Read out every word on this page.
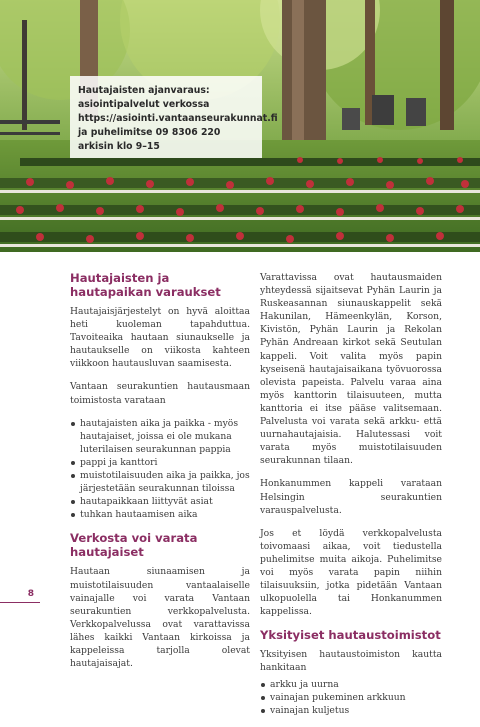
Hautajaisten ajanvaraus:
asiointipalvelut verkossa
https://asiointi.vantaanseurakunnat.fi
ja puhelimitse 09 8306 220
arkisin klo 9–15
Hautajaisten ja
hautapaikan varaukset

Hautajaisjärjestelyt on hyvä aloittaa heti kuoleman tapahduttua. Tavoiteaika hautaan siunaukselle ja hautaukselle on viikosta kahteen viikkoon hautausluvan saamisesta.

Vantaan seurakuntien hautausmaan toimistosta varataan

hautajaisten aika ja paikka - myös hautajaiset, joissa ei ole mukana luterilaisen seurakunnan pappia
pappi ja kanttori
muistotilaisuuden aika ja paikka, jos järjestetään seurakunnan tiloissa
hautapaikkaan liittyvät asiat
tuhkan hautaamisen aika
Verkosta voi varata hautajaiset

Hautaan siunaamisen ja muistotilaisuuden vantaalaiselle vainajalle voi varata Vantaan seurakuntien verkkopalvelusta. Verkkopalvelussa ovat varattavissa lähes kaikki Vantaan kirkoissa ja kappeleissa tarjolla olevat hautajaisajat.

Varattavissa ovat hautausmaiden yhteydessä sijaitsevat Pyhän Laurin ja Ruskeasannan siunauskappelit sekä Hakunilan, Hämeenkylän, Korson, Kivistön, Pyhän Laurin ja Rekolan Pyhän Andreaan kirkot sekä Seutulan kappeli. Voit valita myös papin kyseisenä hautajaisaikana työvuorossa olevista papeista. Palvelu varaa aina myös kanttorin tilaisuuteen, mutta kanttoria ei itse pääse valitsemaan. Palvelusta voi varata sekä arkku- että uurnahautajaisia. Halutessasi voit varata myös muistotilaisuuden seurakunnan tilaan.

Honkanummen kappeli varataan Helsingin seurakuntien varauspalvelusta.

Jos et löydä verkkopalvelusta toivomaasi aikaa, voit tiedustella puhelimitse muita aikoja. Puhelimitse voi myös varata papin niihin tilaisuuksiin, jotka pidetään Vantaan ulkopuolella tai Honkanummen kappelissa.

Yksityiset hautaustoimistot

Yksityisen hautaustoimiston kautta hankitaan

arkku ja uurna
vainajan pukeminen arkkuun
vainajan kuljetus
8
